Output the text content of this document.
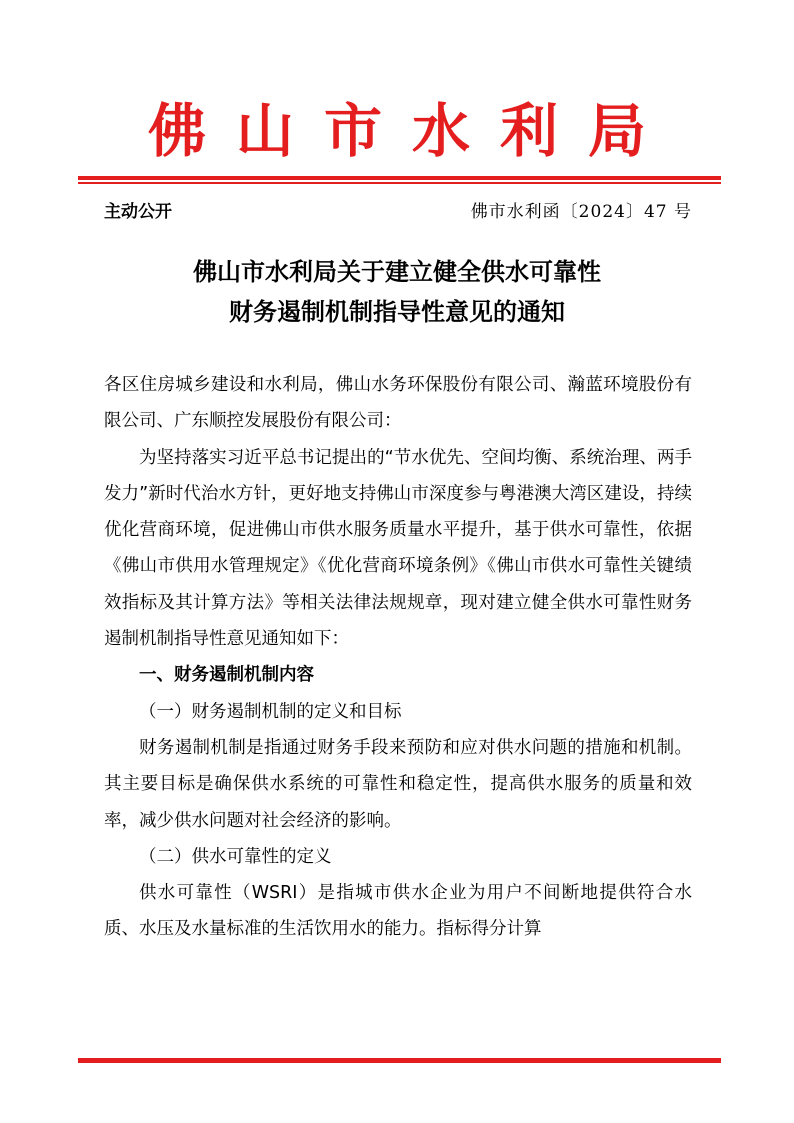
佛山市水利局
主动公开	佛市水利函〔2024〕47 号
佛山市水利局关于建立健全供水可靠性
财务遏制机制指导性意见的通知

各区住房城乡建设和水利局，佛山水务环保股份有限公司、瀚蓝环境股份有限公司、广东顺控发展股份有限公司：

为坚持落实习近平总书记提出的“节水优先、空间均衡、系统治理、两手发力”新时代治水方针，更好地支持佛山市深度参与粤港澳大湾区建设，持续优化营商环境，促进佛山市供水服务质量水平提升，基于供水可靠性，依据《佛山市供用水管理规定》《优化营商环境条例》《佛山市供水可靠性关键绩效指标及其计算方法》等相关法律法规规章，现对建立健全供水可靠性财务遏制机制指导性意见通知如下：

一、财务遏制机制内容

（一）财务遏制机制的定义和目标

财务遏制机制是指通过财务手段来预防和应对供水问题的措施和机制。其主要目标是确保供水系统的可靠性和稳定性，提高供水服务的质量和效率，减少供水问题对社会经济的影响。

（二）供水可靠性的定义

供水可靠性（WSRI）是指城市供水企业为用户不间断地提供符合水质、水压及水量标准的生活饮用水的能力。指标得分计算
